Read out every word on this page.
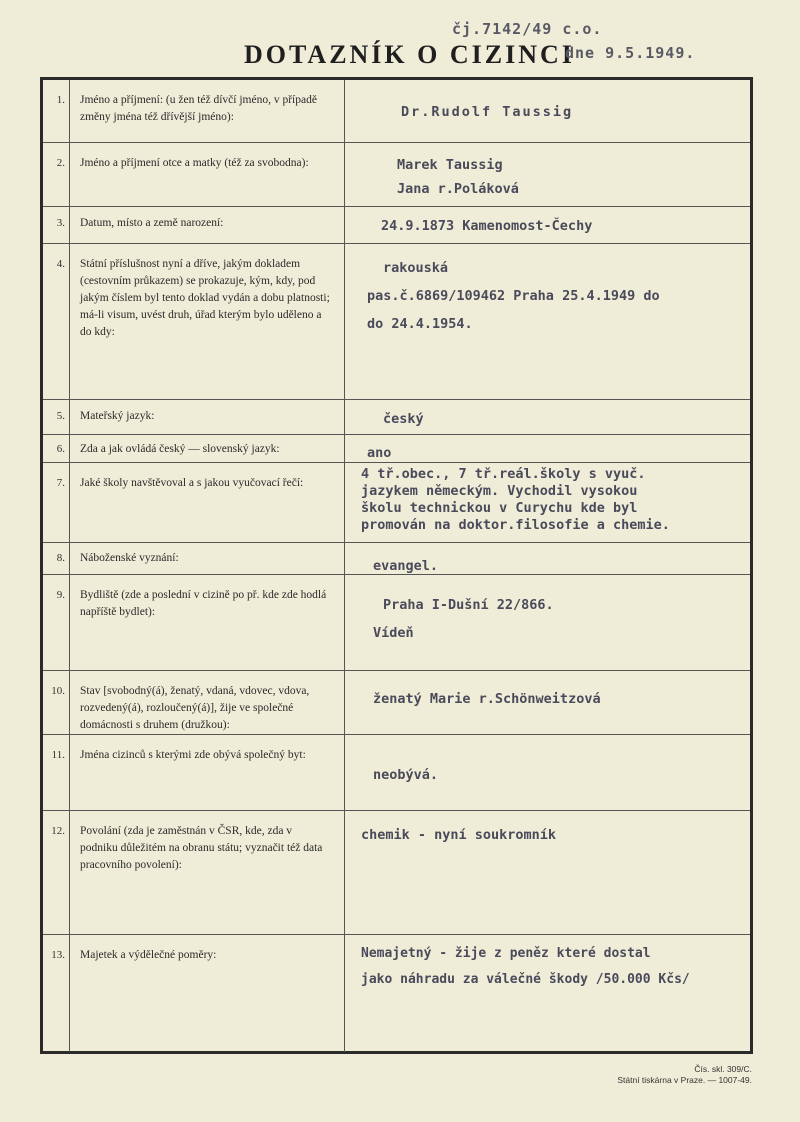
čj.7142/49 c.o.
DOTAZNÍK O CIZINCI
dne 9.5.1949.
1. Jméno a příjmení: (u žen též dívčí jméno, v případě změny jména též dřívější jméno):	Dr.Rudolf Taussig
2. Jméno a příjmení otce a matky (též za svobodna):	Marek Taussig
Jana r.Poláková
3. Datum, místo a země narození:	24.9.1873 Kamenomost-Čechy
4. Státní příslušnost nyní a dříve, jakým dokladem (cestovním průkazem) se prokazuje, kým, kdy, pod jakým číslem byl tento doklad vydán a dobu platnosti; má-li visum, uvést druh, úřad kterým bylo uděleno a do kdy:
rakouská
pas.č.6869/109462 Praha 25.4.1949 do
do 24.4.1954.
5. Mateřský jazyk:	český
6. Zda a jak ovládá český — slovenský jazyk:	ano
7. Jaké školy navštěvoval a s jakou vyučovací řečí:
4 tř.obec., 7 tř.reál.školy s vyuč.
jazykem německým. Vychodil vysokou
školu technickou v Curychu kde byl
promován na doktor.filosofie a chemie.
8. Náboženské vyznání:	evangel.
9. Bydliště (zde a poslední v cizině po př. kde zde hodlá napříště bydlet):	Praha I-Dušní 22/866.
Vídeň
10. Stav [svobodný(á), ženatý, vdaná, vdovec, vdova, rozvedený(á), rozloučený(á)], žije ve společné domácnosti s druhem (družkou):
ženatý Marie r.Schönweitzová
11. Jména cizinců s kterými zde obývá společný byt:
neobývá.
12. Povolání (zda je zaměstnán v ČSR, kde, zda v podniku důležitém na obranu státu; vyznačit též data pracovního povolení):
chemik - nyní soukromník
13. Majetek a výdělečné poměry:	Nemajetný - žije z peněz které dostal
jako náhradu za válečné škody /50.000 Kčs/
Čís. skl. 309/C.
Státní tiskárna v Praze. — 1007-49.
